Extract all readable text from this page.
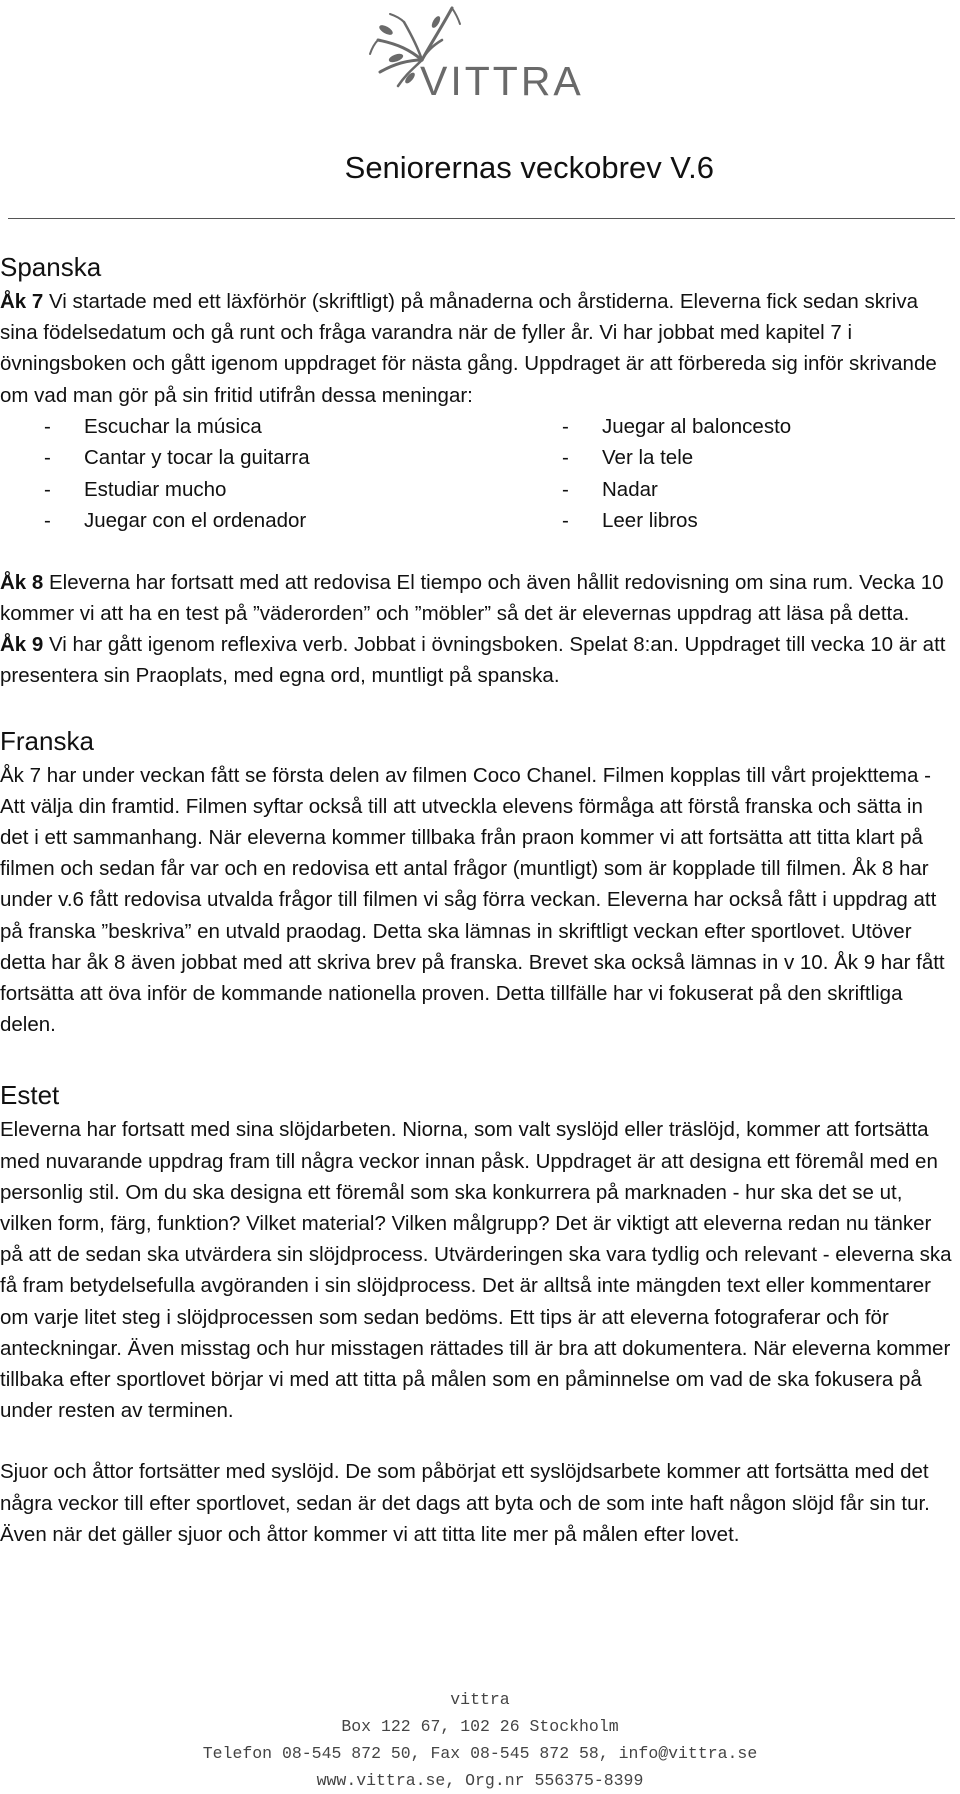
VITTRA
Seniorernas veckobrev V.6
Spanska

Åk 7 Vi startade med ett läxförhör (skriftligt) på månaderna och årstiderna. Eleverna fick sedan skriva sina födelsedatum och gå runt och fråga varandra när de fyller år. Vi har jobbat med kapitel 7 i övningsboken och gått igenom uppdraget för nästa gång. Uppdraget är att förbereda sig inför skrivande om vad man gör på sin fritid utifrån dessa meningar:

-	Escuchar la música	-	Juegar al baloncesto
-	Cantar y tocar la guitarra	-	Ver la tele
-	Estudiar mucho	-	Nadar
-	Juegar con el ordenador	-	Leer libros

Åk 8 Eleverna har fortsatt med att redovisa El tiempo och även hållit redovisning om sina rum. Vecka 10 kommer vi att ha en test på ”väderorden” och ”möbler” så det är elevernas uppdrag att läsa på detta.

Åk 9 Vi har gått igenom reflexiva verb. Jobbat i övningsboken. Spelat 8:an. Uppdraget till vecka 10 är att presentera sin Praoplats, med egna ord, muntligt på spanska.

Franska

Åk 7 har under veckan fått se första delen av filmen Coco Chanel. Filmen kopplas till vårt projekttema -Att välja din framtid. Filmen syftar också till att utveckla elevens förmåga att förstå franska och sätta in det i ett sammanhang. När eleverna kommer tillbaka från praon kommer vi att fortsätta att titta klart på filmen och sedan får var och en redovisa ett antal frågor (muntligt) som är kopplade till filmen. Åk 8 har under v.6 fått redovisa utvalda frågor till filmen vi såg förra veckan. Eleverna har också fått i uppdrag att på franska ”beskriva” en utvald praodag. Detta ska lämnas in skriftligt veckan efter sportlovet. Utöver detta har åk 8 även jobbat med att skriva brev på franska. Brevet ska också lämnas in v 10. Åk 9 har fått fortsätta att öva inför de kommande nationella proven. Detta tillfälle har vi fokuserat på den skriftliga delen.

Estet

Eleverna har fortsatt med sina slöjdarbeten. Niorna, som valt syslöjd eller träslöjd, kommer att fortsätta med nuvarande uppdrag fram till några veckor innan påsk. Uppdraget är att designa ett föremål med en personlig stil. Om du ska designa ett föremål som ska konkurrera på marknaden - hur ska det se ut, vilken form, färg, funktion? Vilket material? Vilken målgrupp? Det är viktigt att eleverna redan nu tänker på att de sedan ska utvärdera sin slöjdprocess. Utvärderingen ska vara tydlig och relevant - eleverna ska få fram betydelsefulla avgöranden i sin slöjdprocess. Det är alltså inte mängden text eller kommentarer om varje litet steg i slöjdprocessen som sedan bedöms. Ett tips är att eleverna fotograferar och för anteckningar. Även misstag och hur misstagen rättades till är bra att dokumentera. När eleverna kommer tillbaka efter sportlovet börjar vi med att titta på målen som en påminnelse om vad de ska fokusera på under resten av terminen.

Sjuor och åttor fortsätter med syslöjd. De som påbörjat ett syslöjdsarbete kommer att fortsätta med det några veckor till efter sportlovet, sedan är det dags att byta och de som inte haft någon slöjd får sin tur. Även när det gäller sjuor och åttor kommer vi att titta lite mer på målen efter lovet.

vittra
Box 122 67, 102 26 Stockholm
Telefon 08-545 872 50, Fax 08-545 872 58, info@vittra.se
www.vittra.se, Org.nr 556375-8399
